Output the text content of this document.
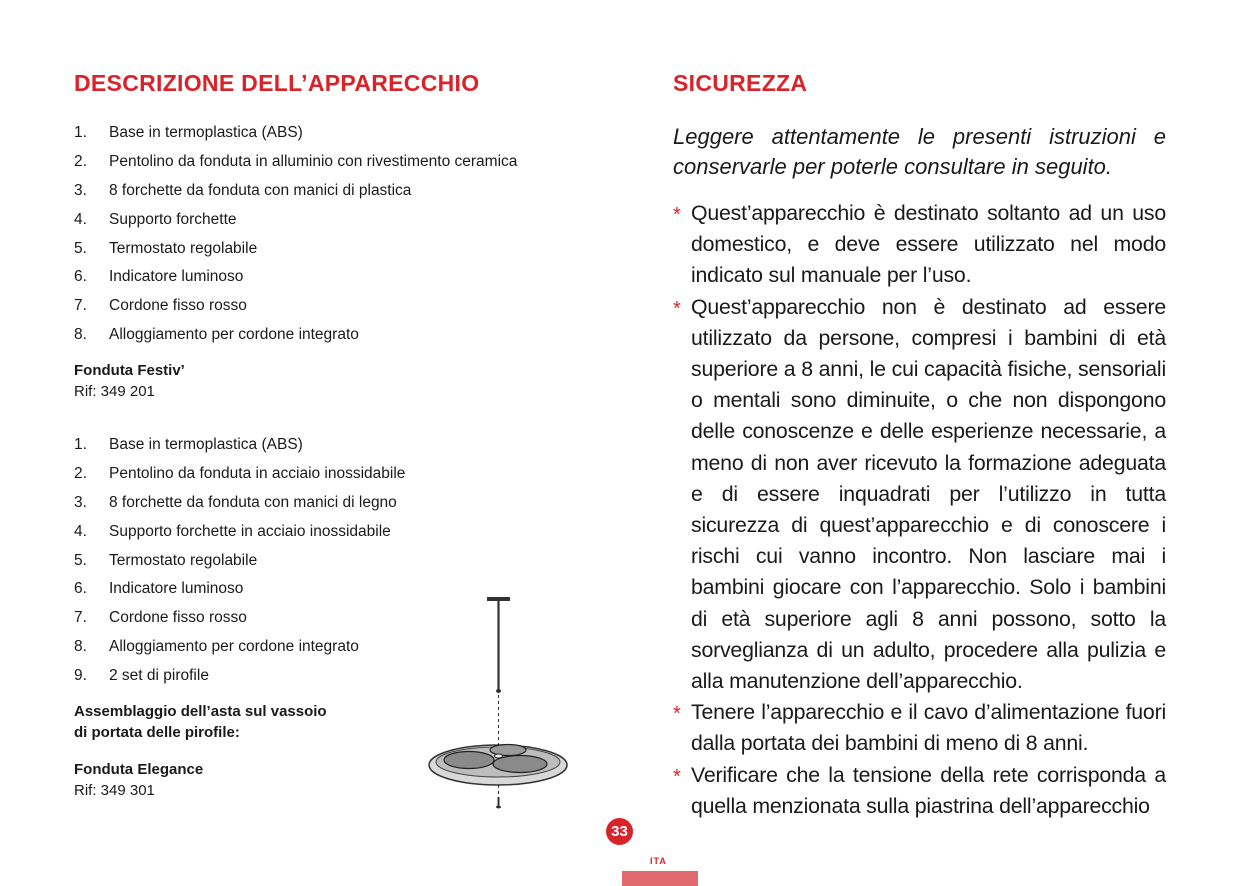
DESCRIZIONE DELL’APPARECCHIO
1.	Base in termoplastica (ABS)
2.	Pentolino da fonduta in alluminio con rivestimento ceramica
3.	8 forchette da fonduta con manici di plastica
4.	Supporto forchette
5.	Termostato regolabile
6.	Indicatore luminoso
7.	Cordone fisso rosso
8.	Alloggiamento per cordone integrato
Fonduta Festiv’
Rif: 349 201
1.	Base in termoplastica (ABS)
2.	Pentolino da fonduta in acciaio inossidabile
3.	8 forchette da fonduta con manici di legno
4.	Supporto forchette in acciaio inossidabile
5.	Termostato regolabile
6.	Indicatore luminoso
7.	Cordone fisso rosso
8.	Alloggiamento per cordone integrato
9.	2 set di pirofile
Assemblaggio dell’asta sul vassoio
di portata delle pirofile:
Fonduta Elegance
Rif: 349 301
SICUREZZA

Leggere attentamente le presenti istruzioni e conservarle per poterle consultare in seguito.

* Quest’apparecchio è destinato soltanto ad un uso domestico, e deve essere utilizzato nel modo indicato sul manuale per l’uso.
* Quest’apparecchio non è destinato ad essere utilizzato da persone, compresi i bambini di età superiore a 8 anni, le cui capacità fisiche, sensoriali o mentali sono diminuite, o che non dispongono delle conoscenze e delle esperienze necessarie, a meno di non aver ricevuto la formazione adeguata e di essere inquadrati per l’utilizzo in tutta sicurezza di quest’apparecchio e di conoscere i rischi cui vanno incontro. Non lasciare mai i bambini giocare con l’apparecchio. Solo i bambini di età superiore agli 8 anni possono, sotto la sorveglianza di un adulto, procedere alla pulizia e alla manutenzione dell’apparecchio.
* Tenere l’apparecchio e il cavo d’alimentazione fuori dalla portata dei bambini di meno di 8 anni.
* Verificare che la tensione della rete corrisponda a quella menzionata sulla piastrina dell’apparecchio
33
ITA
